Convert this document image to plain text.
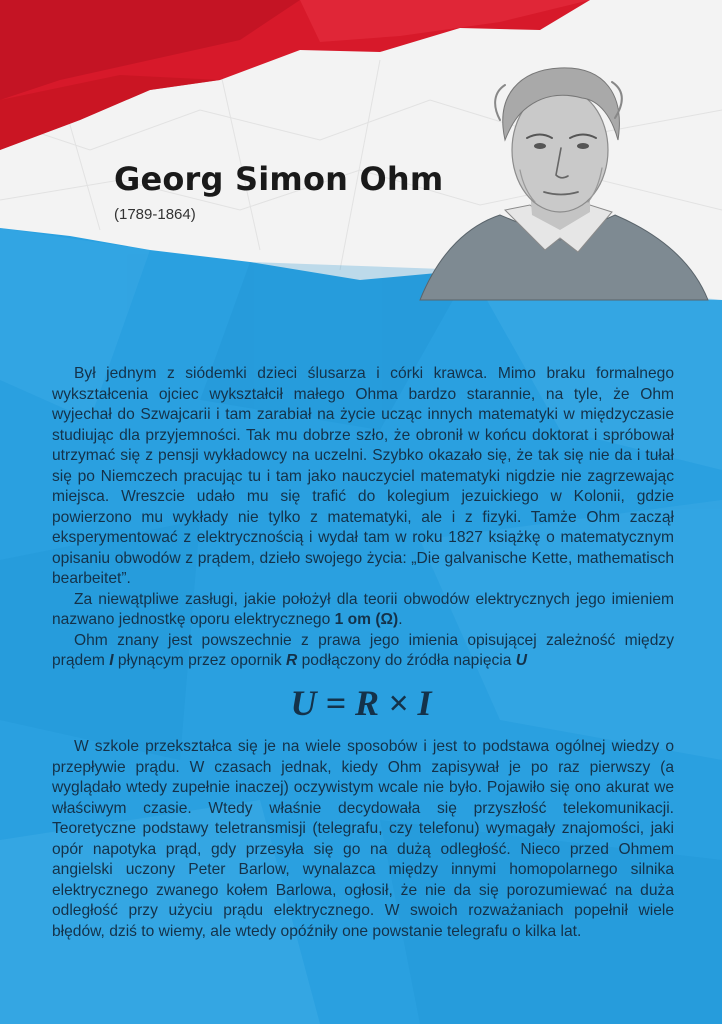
Georg Simon Ohm
(1789-1864)

Był jednym z siódemki dzieci ślusarza i córki krawca. Mimo braku formalnego wykształcenia ojciec wykształcił małego Ohma bardzo starannie, na tyle, że Ohm wyjechał do Szwajcarii i tam zarabiał na życie ucząc innych matematyki w międzyczasie studiując dla przyjemności. Tak mu dobrze szło, że obronił w końcu doktorat i spróbował utrzymać się z pensji wykładowcy na uczelni. Szybko okazało się, że tak się nie da i tułał się po Niemczech pracując tu i tam jako nauczyciel matematyki nigdzie nie zagrzewając miejsca. Wreszcie udało mu się trafić do kolegium jezuickiego w Kolonii, gdzie powierzono mu wykłady nie tylko z matematyki, ale i z fizyki. Tamże Ohm zaczął eksperymentować z elektrycznością i wydał tam w roku 1827 książkę o matematycznym opisaniu obwodów z prądem, dzieło swojego życia: „Die galvanische Kette, mathematisch bearbeitet”.

Za niewątpliwe zasługi, jakie położył dla teorii obwodów elektrycznych jego imieniem nazwano jednostkę oporu elektrycznego 1 om (Ω).

Ohm znany jest powszechnie z prawa jego imienia opisującej zależność między prądem I płynącym przez opornik R podłączony do źródła napięcia U

U = R × I

W szkole przekształca się je na wiele sposobów i jest to podstawa ogólnej wiedzy o przepływie prądu. W czasach jednak, kiedy Ohm zapisywał je po raz pierwszy (a wyglądało wtedy zupełnie inaczej) oczywistym wcale nie było. Pojawiło się ono akurat we właściwym czasie. Wtedy właśnie decydowała się przyszłość telekomunikacji. Teoretyczne podstawy teletransmisji (telegrafu, czy telefonu) wymagały znajomości, jaki opór napotyka prąd, gdy przesyła się go na dużą odległość. Nieco przed Ohmem angielski uczony Peter Barlow, wynalazca między innymi homopolarnego silnika elektrycznego zwanego kołem Barlowa, ogłosił, że nie da się porozumiewać na duża odległość przy użyciu prądu elektrycznego. W swoich rozważaniach popełnił wiele błędów, dziś to wiemy, ale wtedy opóźniły one powstanie telegrafu o kilka lat.
